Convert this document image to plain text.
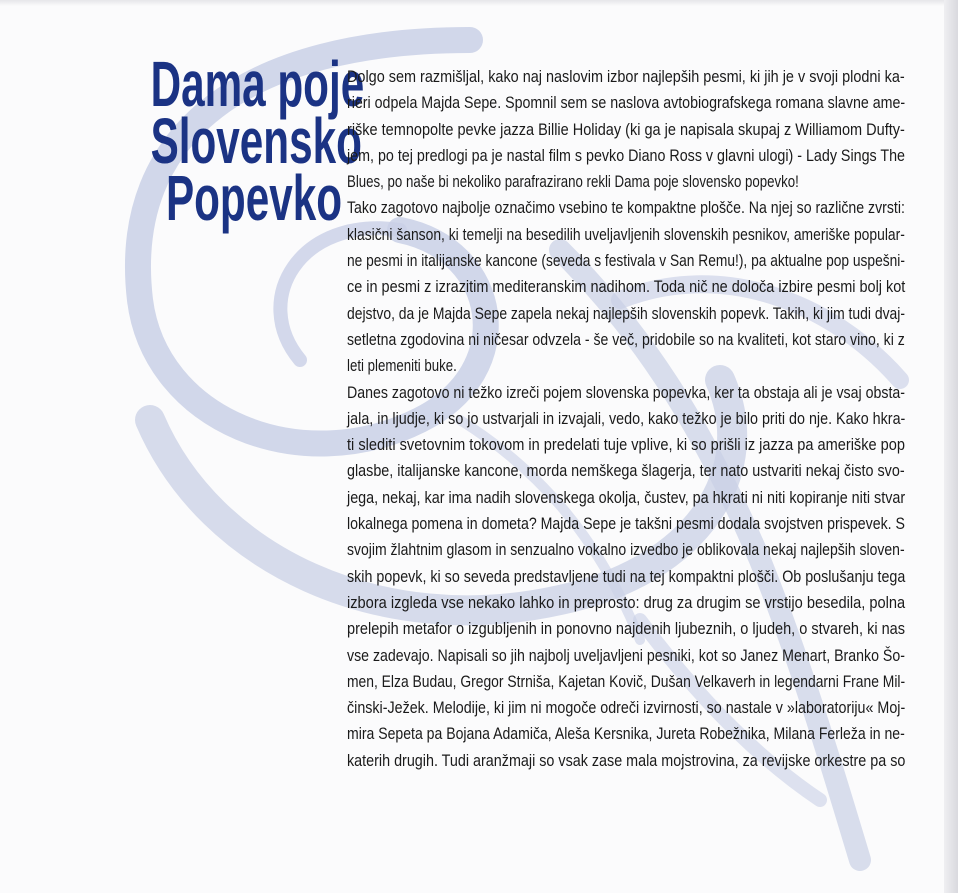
Dama poje
Slovensko
Popevko
Dolgo sem razmišljal, kako naj naslovim izbor najlepših pesmi, ki jih je v svoji plodni ka-
rieri odpela Majda Sepe. Spomnil sem se naslova avtobiografskega romana slavne ame-
riške temnopolte pevke jazza Billie Holiday (ki ga je napisala skupaj z Williamom Dufty-
jem, po tej predlogi pa je nastal film s pevko Diano Ross v glavni ulogi) - Lady Sings The
Blues, po naše bi nekoliko parafrazirano rekli Dama poje slovensko popevko!
Tako zagotovo najbolje označimo vsebino te kompaktne plošče. Na njej so različne zvrsti:
klasični šanson, ki temelji na besedilih uveljavljenih slovenskih pesnikov, ameriške popular-
ne pesmi in italijanske kancone (seveda s festivala v San Remu!), pa aktualne pop uspešni-
ce in pesmi z izrazitim mediteranskim nadihom. Toda nič ne določa izbire pesmi bolj kot
dejstvo, da je Majda Sepe zapela nekaj najlepših slovenskih popevk. Takih, ki jim tudi dvaj-
setletna zgodovina ni ničesar odvzela - še več, pridobile so na kvaliteti, kot staro vino, ki z
leti plemeniti buke.
Danes zagotovo ni težko izreči pojem slovenska popevka, ker ta obstaja ali je vsaj obsta-
jala, in ljudje, ki so jo ustvarjali in izvajali, vedo, kako težko je bilo priti do nje. Kako hkra-
ti slediti svetovnim tokovom in predelati tuje vplive, ki so prišli iz jazza pa ameriške pop
glasbe, italijanske kancone, morda nemškega šlagerja, ter nato ustvariti nekaj čisto svo-
jega, nekaj, kar ima nadih slovenskega okolja, čustev, pa hkrati ni niti kopiranje niti stvar
lokalnega pomena in dometa? Majda Sepe je takšni pesmi dodala svojstven prispevek. S
svojim žlahtnim glasom in senzualno vokalno izvedbo je oblikovala nekaj najlepših sloven-
skih popevk, ki so seveda predstavljene tudi na tej kompaktni plošči. Ob poslušanju tega
izbora izgleda vse nekako lahko in preprosto: drug za drugim se vrstijo besedila, polna
prelepih metafor o izgubljenih in ponovno najdenih ljubeznih, o ljudeh, o stvareh, ki nas
vse zadevajo. Napisali so jih najbolj uveljavljeni pesniki, kot so Janez Menart, Branko Šo-
men, Elza Budau, Gregor Strniša, Kajetan Kovič, Dušan Velkaverh in legendarni Frane Mil-
činski-Ježek. Melodije, ki jim ni mogoče odreči izvirnosti, so nastale v »laboratoriju« Moj-
mira Sepeta pa Bojana Adamiča, Aleša Kersnika, Jureta Robežnika, Milana Ferleža in ne-
katerih drugih. Tudi aranžmaji so vsak zase mala mojstrovina, za revijske orkestre pa so
